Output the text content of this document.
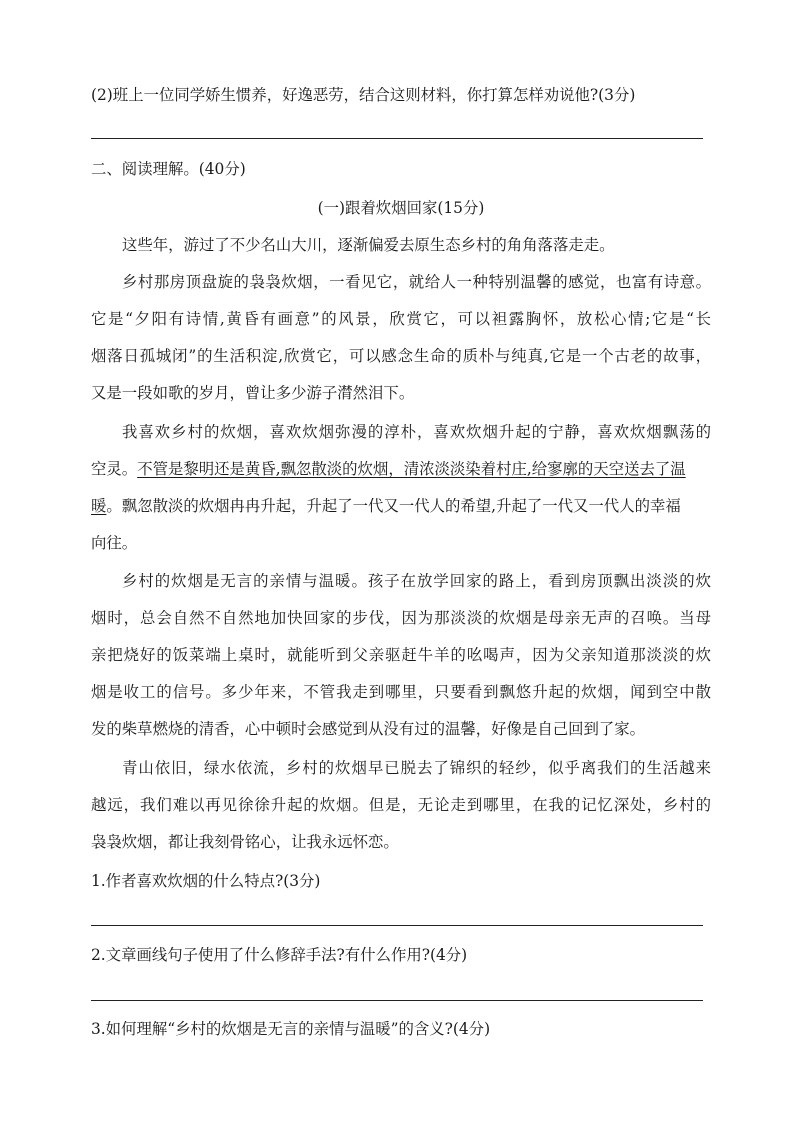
(2)班上一位同学娇生惯养，好逸恶劳，结合这则材料，你打算怎样劝说他?(3分)
二、阅读理解。(40分)
(一)跟着炊烟回家(15分)
这些年，游过了不少名山大川，逐渐偏爱去原生态乡村的角角落落走走。
乡村那房顶盘旋的袅袅炊烟，一看见它，就给人一种特别温馨的感觉，也富有诗意。
它是“夕阳有诗情,黄昏有画意”的风景，欣赏它，可以袒露胸怀，放松心情;它是“长
烟落日孤城闭”的生活积淀,欣赏它，可以感念生命的质朴与纯真,它是一个古老的故事，
又是一段如歌的岁月，曾让多少游子潸然泪下。
我喜欢乡村的炊烟，喜欢炊烟弥漫的淳朴，喜欢炊烟升起的宁静，喜欢炊烟飘荡的
空灵。不管是黎明还是黄昏,飘忽散淡的炊烟，清浓淡淡染着村庄,给寥廓的天空送去了温
暖。飘忽散淡的炊烟冉冉升起，升起了一代又一代人的希望,升起了一代又一代人的幸福
向往。
乡村的炊烟是无言的亲情与温暖。孩子在放学回家的路上，看到房顶飘出淡淡的炊
烟时，总会自然不自然地加快回家的步伐，因为那淡淡的炊烟是母亲无声的召唤。当母
亲把烧好的饭菜端上桌时，就能听到父亲驱赶牛羊的吆喝声，因为父亲知道那淡淡的炊
烟是收工的信号。多少年来，不管我走到哪里，只要看到飘悠升起的炊烟，闻到空中散
发的柴草燃烧的清香，心中顿时会感觉到从没有过的温馨，好像是自己回到了家。
青山依旧，绿水依流，乡村的炊烟早已脱去了锦织的轻纱，似乎离我们的生活越来
越远，我们难以再见徐徐升起的炊烟。但是，无论走到哪里，在我的记忆深处，乡村的
袅袅炊烟，都让我刻骨铭心，让我永远怀恋。
1.作者喜欢炊烟的什么特点?(3分)
2.文章画线句子使用了什么修辞手法?有什么作用?(4分)
3.如何理解“乡村的炊烟是无言的亲情与温暖”的含义?(4分)
